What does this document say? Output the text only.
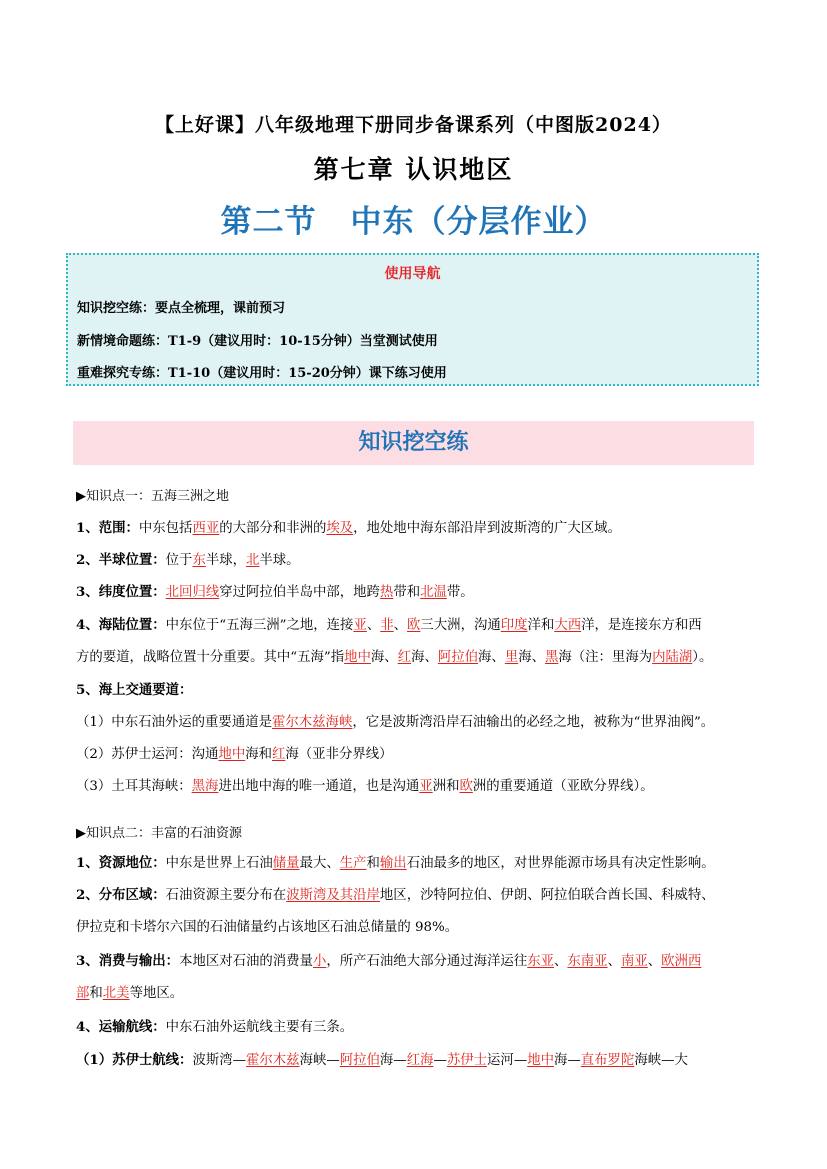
【上好课】八年级地理下册同步备课系列（中图版2024）
第七章 认识地区
第二节 中东（分层作业）
使用导航
知识挖空练：要点全梳理，课前预习
新情境命题练：T1-9（建议用时：10-15分钟）当堂测试使用
重难探究专练：T1-10（建议用时：15-20分钟）课下练习使用
知识挖空练
▶知识点一：五海三洲之地
1、范围：中东包括西亚的大部分和非洲的埃及，地处地中海东部沿岸到波斯湾的广大区域。
2、半球位置：位于东半球，北半球。
3、纬度位置：北回归线穿过阿拉伯半岛中部，地跨热带和北温带。
4、海陆位置：中东位于“五海三洲”之地，连接亚、非、欧三大洲，沟通印度洋和大西洋，是连接东方和西
方的要道，战略位置十分重要。其中“五海”指地中海、红海、阿拉伯海、里海、黑海（注：里海为内陆湖）。
5、海上交通要道：
（1）中东石油外运的重要通道是霍尔木兹海峡，它是波斯湾沿岸石油输出的必经之地，被称为“世界油阀”。
（2）苏伊士运河：沟通地中海和红海（亚非分界线）
（3）土耳其海峡：黑海进出地中海的唯一通道，也是沟通亚洲和欧洲的重要通道（亚欧分界线）。
▶知识点二：丰富的石油资源
1、资源地位：中东是世界上石油储量最大、生产和输出石油最多的地区，对世界能源市场具有决定性影响。
2、分布区域：石油资源主要分布在波斯湾及其沿岸地区，沙特阿拉伯、伊朗、阿拉伯联合酋长国、科威特、
伊拉克和卡塔尔六国的石油储量约占该地区石油总储量的 98%。
3、消费与输出：本地区对石油的消费量小，所产石油绝大部分通过海洋运往东亚、东南亚、南亚、欧洲西
部和北美等地区。
4、运输航线：中东石油外运航线主要有三条。
（1）苏伊士航线：波斯湾—霍尔木兹海峡—阿拉伯海—红海—苏伊士运河—地中海—直布罗陀海峡—大
